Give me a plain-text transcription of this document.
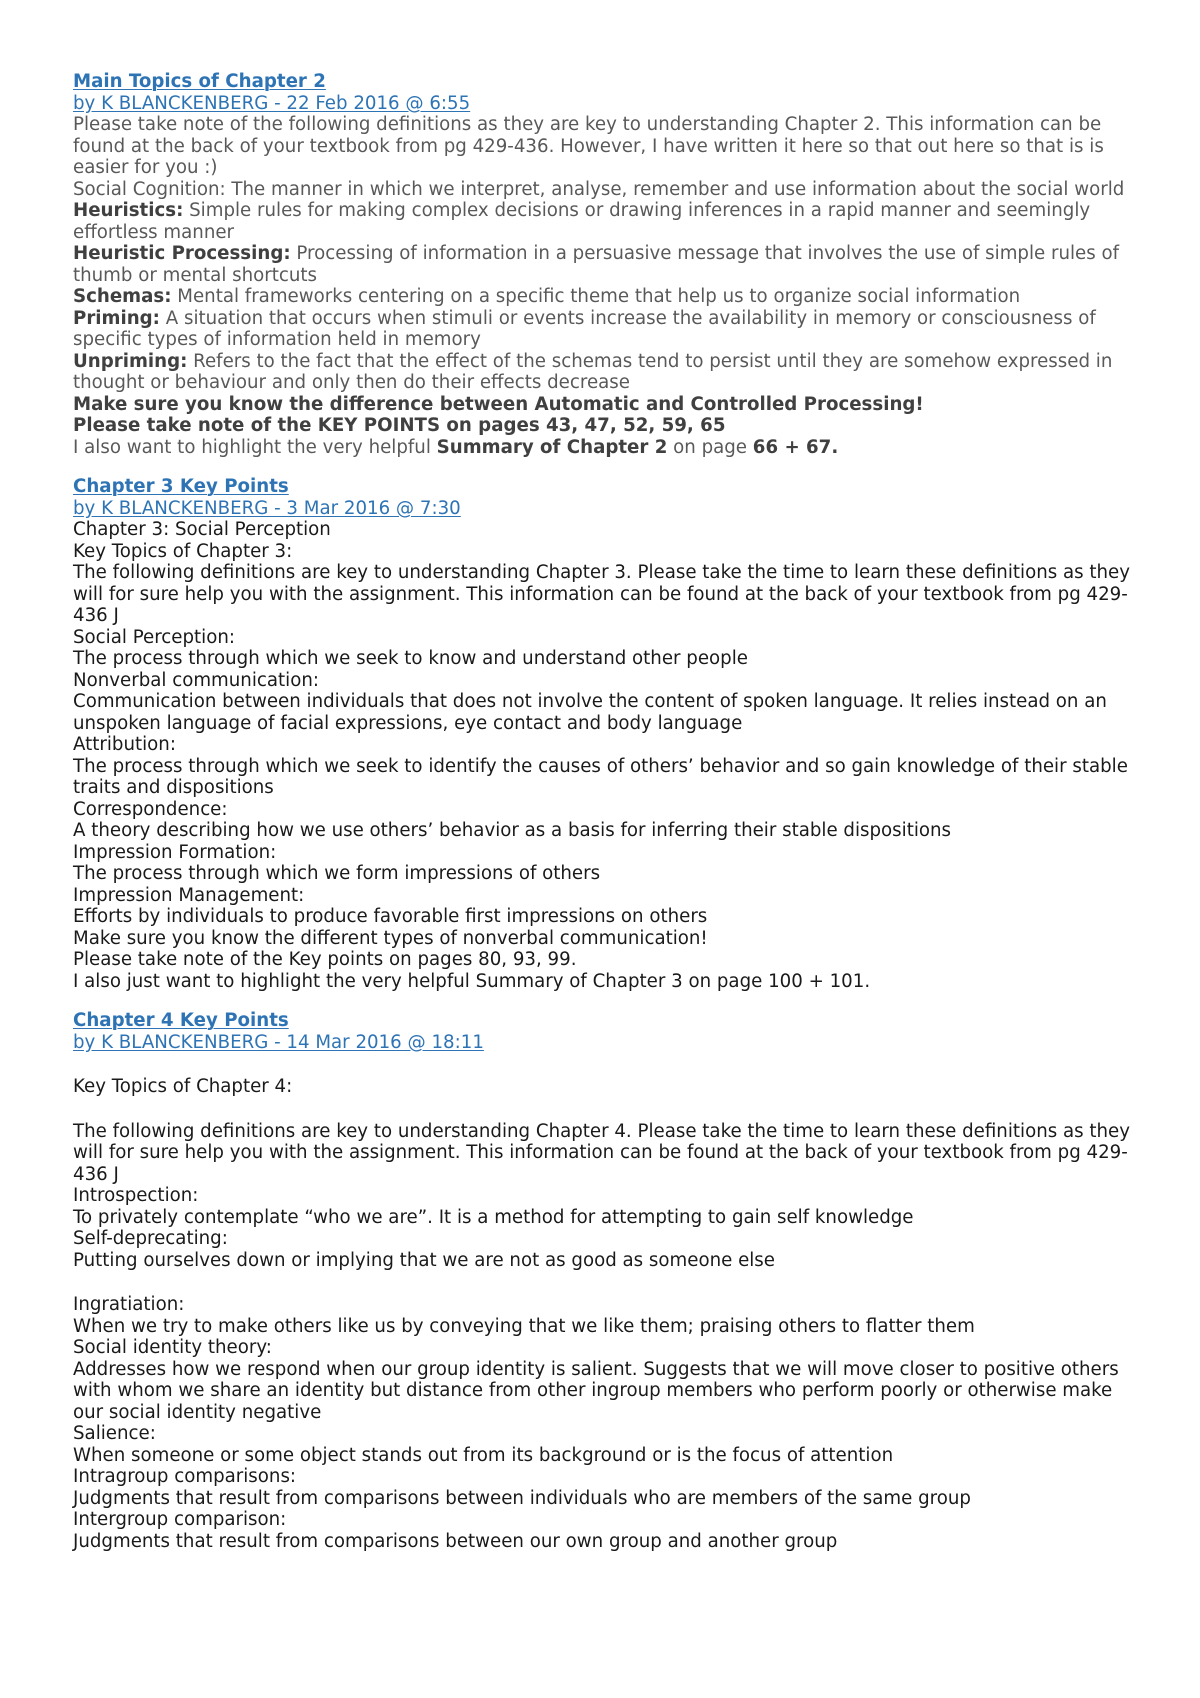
Main Topics of Chapter 2
by K BLANCKENBERG - 22 Feb 2016 @ 6:55

Please take note of the following definitions as they are key to understanding Chapter 2. This information can be found at the back of your textbook from pg 429-436. However, I have written it here so that out here so that is is easier for you :)

Social Cognition: The manner in which we interpret, analyse, remember and use information about the social world

Heuristics: Simple rules for making complex decisions or drawing inferences in a rapid manner and seemingly effortless manner

Heuristic Processing: Processing of information in a persuasive message that involves the use of simple rules of thumb or mental shortcuts

Schemas: Mental frameworks centering on a specific theme that help us to organize social information

Priming: A situation that occurs when stimuli or events increase the availability in memory or consciousness of specific types of information held in memory

Unpriming: Refers to the fact that the effect of the schemas tend to persist until they are somehow expressed in thought or behaviour and only then do their effects decrease

Make sure you know the difference between Automatic and Controlled Processing!

Please take note of the KEY POINTS on pages 43, 47, 52, 59, 65

I also want to highlight the very helpful Summary of Chapter 2 on page 66 + 67.

Chapter 3 Key Points
by K BLANCKENBERG - 3 Mar 2016 @ 7:30

Chapter 3: Social Perception

Key Topics of Chapter 3:

The following definitions are key to understanding Chapter 3. Please take the time to learn these definitions as they will for sure help you with the assignment. This information can be found at the back of your textbook from pg 429-436 J

Social Perception:

The process through which we seek to know and understand other people

Nonverbal communication:

Communication between individuals that does not involve the content of spoken language. It relies instead on an unspoken language of facial expressions, eye contact and body language

Attribution:

The process through which we seek to identify the causes of others’ behavior and so gain knowledge of their stable traits and dispositions

Correspondence:

A theory describing how we use others’ behavior as a basis for inferring their stable dispositions

Impression Formation:

The process through which we form impressions of others

Impression Management:

Efforts by individuals to produce favorable first impressions on others

Make sure you know the different types of nonverbal communication!

Please take note of the Key points on pages 80, 93, 99.

I also just want to highlight the very helpful Summary of Chapter 3 on page 100 + 101.

Chapter 4 Key Points
by K BLANCKENBERG - 14 Mar 2016 @ 18:11

Key Topics of Chapter 4:

The following definitions are key to understanding Chapter 4. Please take the time to learn these definitions as they will for sure help you with the assignment. This information can be found at the back of your textbook from pg 429-436 J

Introspection:

To privately contemplate “who we are”. It is a method for attempting to gain self knowledge

Self-deprecating:

Putting ourselves down or implying that we are not as good as someone else

Ingratiation:

When we try to make others like us by conveying that we like them; praising others to flatter them

Social identity theory:

Addresses how we respond when our group identity is salient. Suggests that we will move closer to positive others with whom we share an identity but distance from other ingroup members who perform poorly or otherwise make our social identity negative

Salience:

When someone or some object stands out from its background or is the focus of attention

Intragroup comparisons:

Judgments that result from comparisons between individuals who are members of the same group

Intergroup comparison:

Judgments that result from comparisons between our own group and another group
